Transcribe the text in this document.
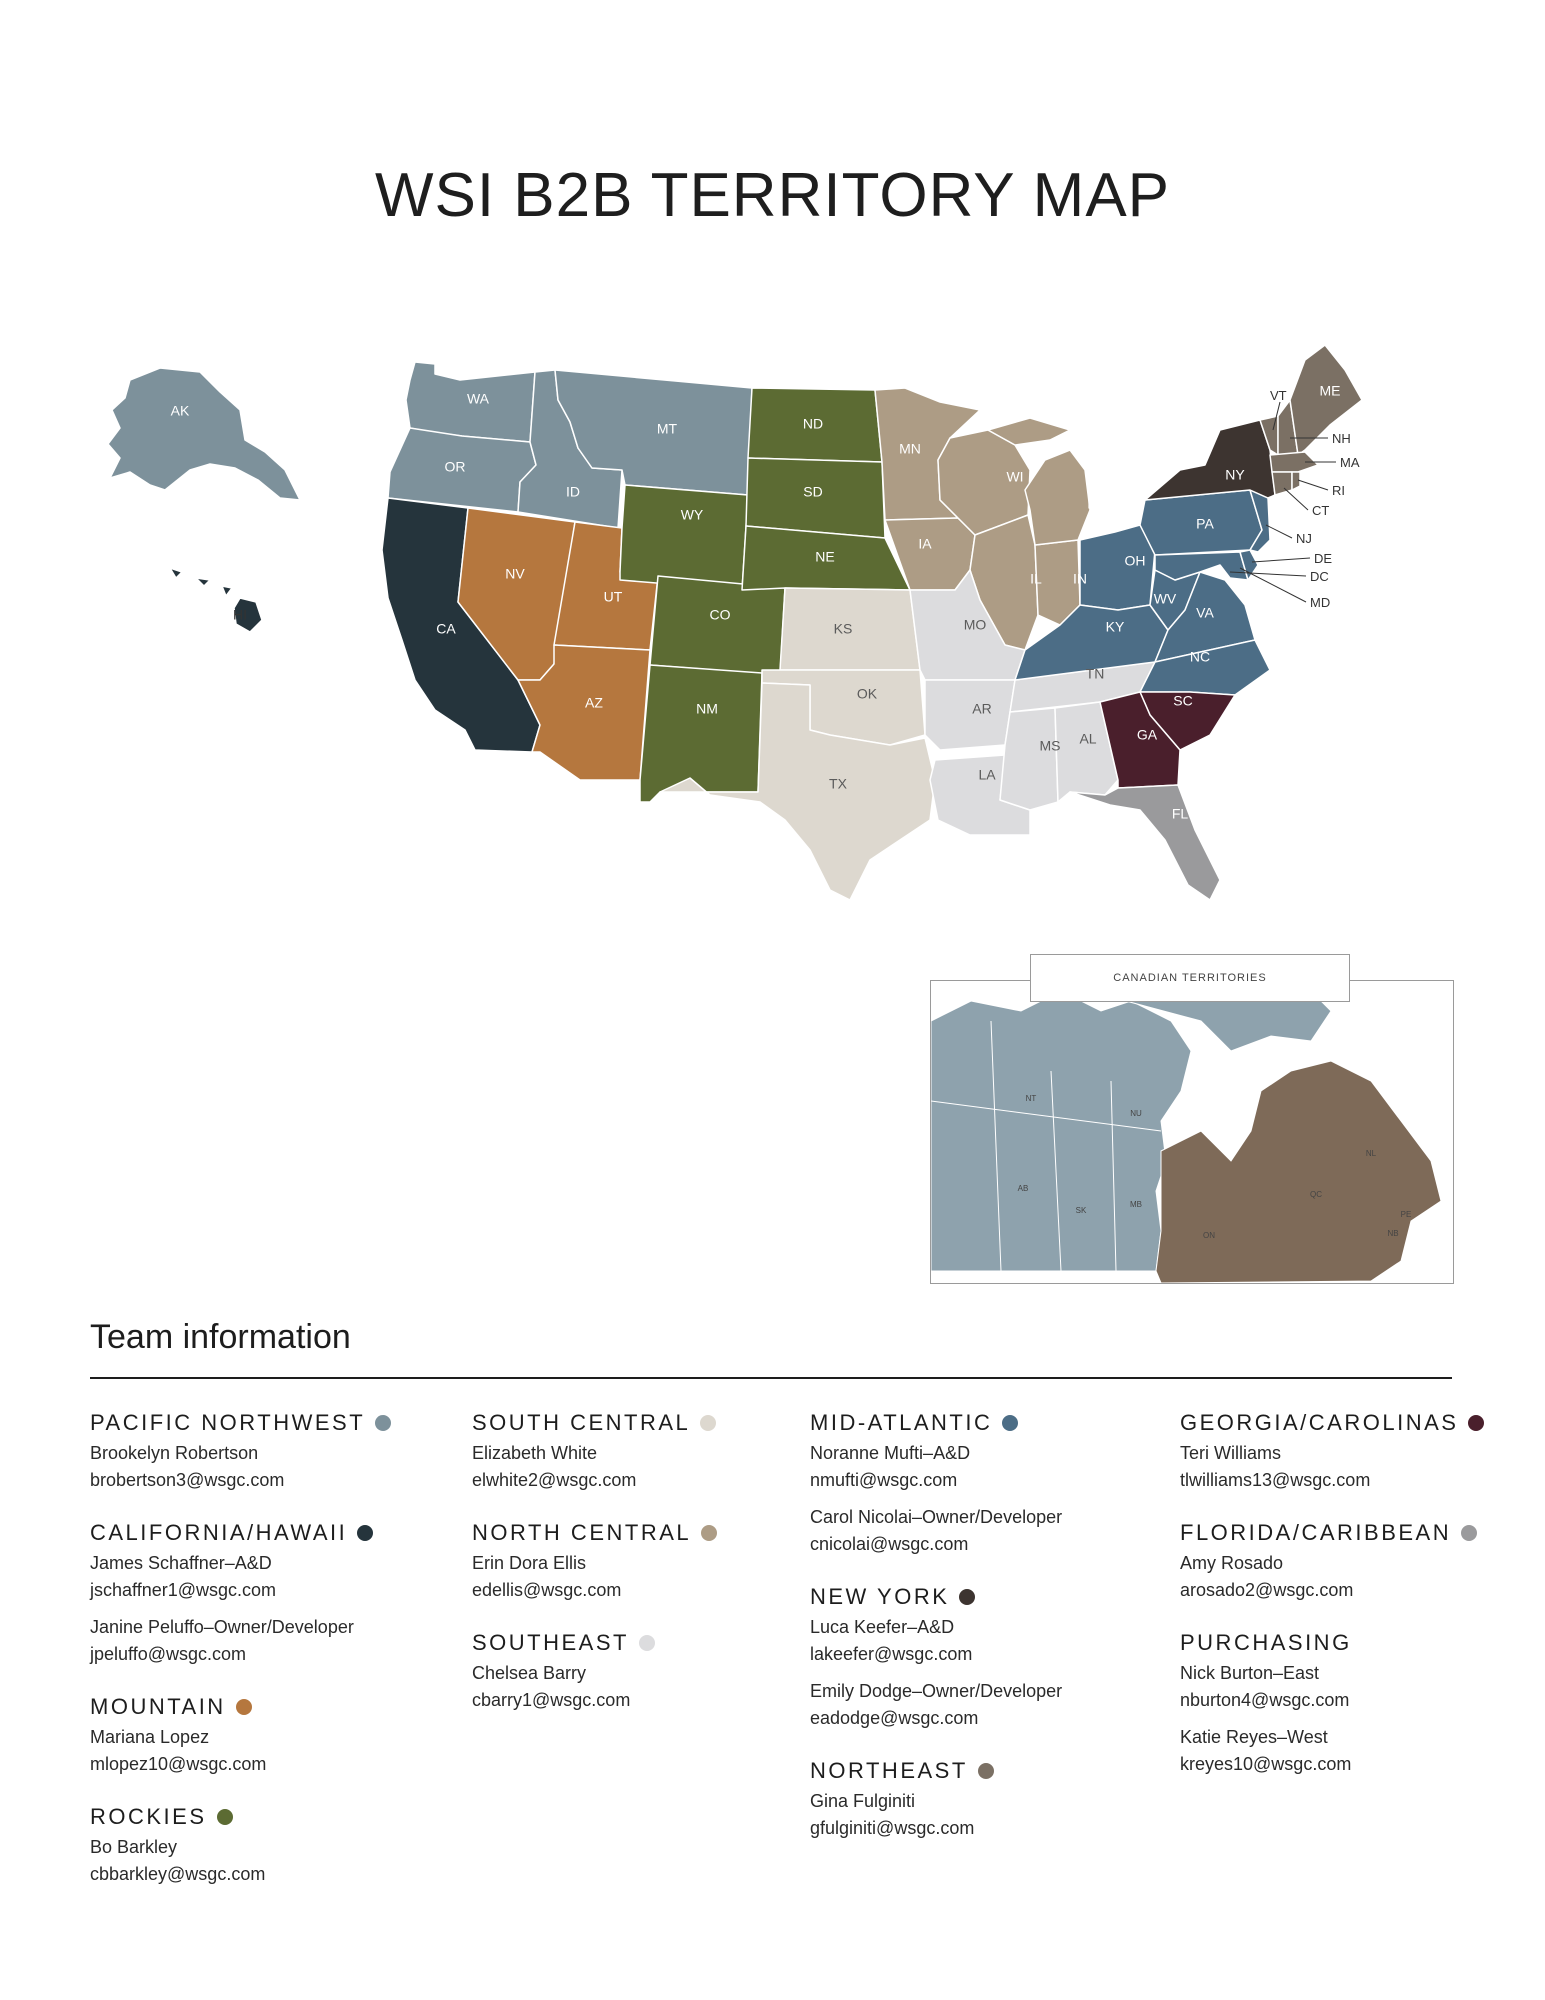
WSI B2B TERRITORY MAP
AK
HI
WA
OR
CA
NV
ID
MT
WY
UT
AZ
CO
NM
ND
SD
NE
KS
OK
TX
MN
IA
MO
AR
LA
WI
IL
MI
IN
OH
KY
TN
MS AL	GA
FL
SC
NC
VA
WV
PA
NY
ME
VT
NH
MA
RI
CT
NJ
DE
DC
MD
CANADIAN TERRITORIES
NT
NU
AB
SK
MB
ON
QC
NL
PE
NB
Team information
PACIFIC NORTHWEST
Brookelyn Robertson
brobertson3@wsgc.com
CALIFORNIA/HAWAII
James Schaffner–A&D
jschaffner1@wsgc.com
Janine Peluffo–Owner/Developer
jpeluffo@wsgc.com
MOUNTAIN
Mariana Lopez
mlopez10@wsgc.com
ROCKIES
Bo Barkley
cbbarkley@wsgc.com
SOUTH CENTRAL
Elizabeth White
elwhite2@wsgc.com
NORTH CENTRAL
Erin Dora Ellis
edellis@wsgc.com
SOUTHEAST
Chelsea Barry
cbarry1@wsgc.com
MID-ATLANTIC
Noranne Mufti–A&D
nmufti@wsgc.com
Carol Nicolai–Owner/Developer
cnicolai@wsgc.com
NEW YORK
Luca Keefer–A&D
lakeefer@wsgc.com
Emily Dodge–Owner/Developer
eadodge@wsgc.com
NORTHEAST
Gina Fulginiti
gfulginiti@wsgc.com
GEORGIA/CAROLINAS
Teri Williams
tlwilliams13@wsgc.com
FLORIDA/CARIBBEAN
Amy Rosado
arosado2@wsgc.com
PURCHASING
Nick Burton–East
nburton4@wsgc.com
Katie Reyes–West
kreyes10@wsgc.com
